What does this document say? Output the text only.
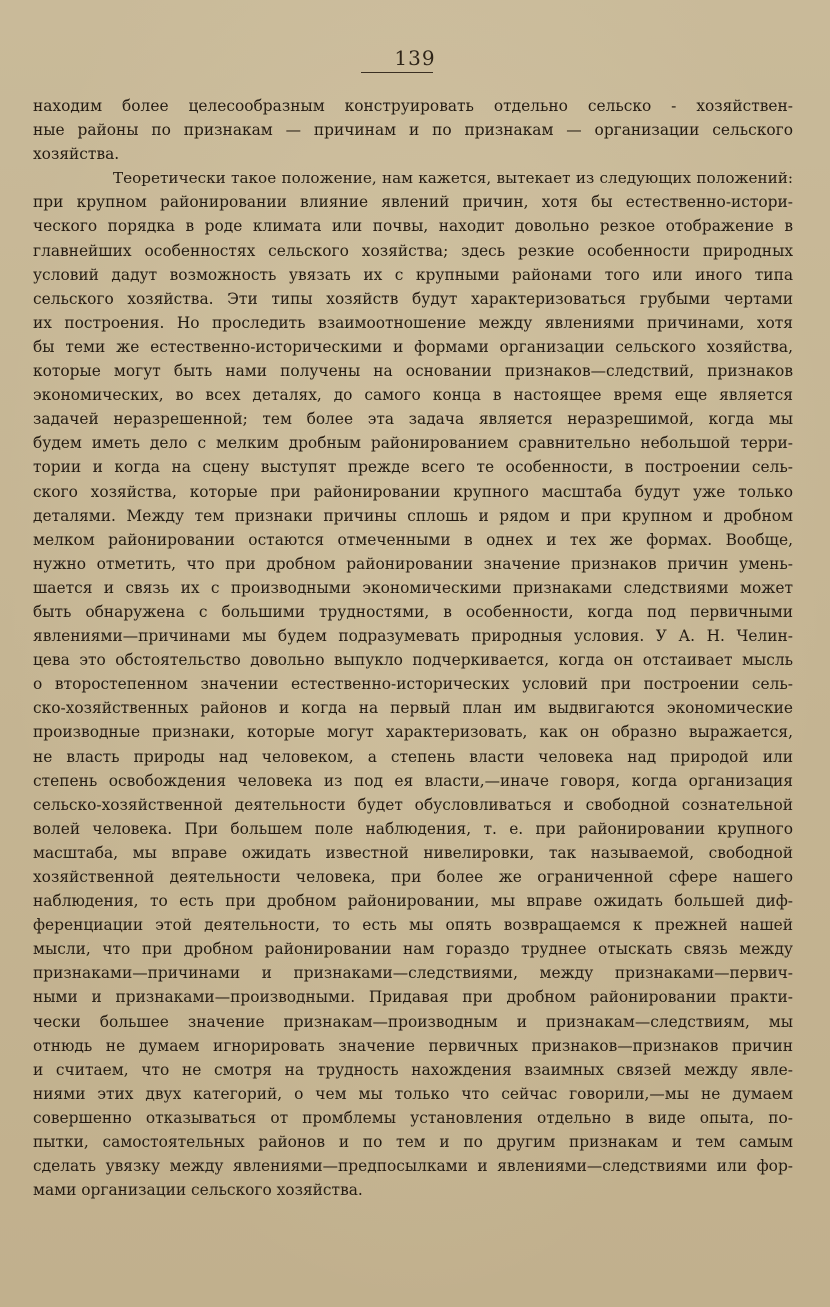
139
находим более целесообразным конструировать отдельно сельско - хозяйствен-
ные районы по признакам — причинам и по признакам — организации сельского
хозяйства.
Теоретически такое положение, нам кажется, вытекает из следующих положений:
при крупном районировании влияние явлений причин, хотя бы естественно-истори-
ческого порядка в роде климата или почвы, находит довольно резкое отображение в
главнейших особенностях сельского хозяйства; здесь резкие особенности природных
условий дадут возможность увязать их с крупными районами того или иного типа
сельского хозяйства. Эти типы хозяйств будут характеризоваться грубыми чертами
их построения. Но проследить взаимоотношение между явлениями причинами, хотя
бы теми же естественно-историческими и формами организации сельского хозяйства,
которые могут быть нами получены на основании признаков—следствий, признаков
экономических, во всех деталях, до самого конца в настоящее время еще является
задачей неразрешенной; тем более эта задача является неразрешимой, когда мы
будем иметь дело с мелким дробным районированием сравнительно небольшой терри-
тории и когда на сцену выступят прежде всего те особенности, в построении сель-
ского хозяйства, которые при районировании крупного масштаба будут уже только
деталями. Между тем признаки причины сплошь и рядом и при крупном и дробном
мелком районировании остаются отмеченными в однех и тех же формах. Вообще,
нужно отметить, что при дробном районировании значение признаков причин умень-
шается и связь их с производными экономическими признаками следствиями может
быть обнаружена с большими трудностями, в особенности, когда под первичными
явлениями—причинами мы будем подразумевать природныя условия. У А. Н. Челин-
цева это обстоятельство довольно выпукло подчеркивается, когда он отстаивает мысль
о второстепенном значении естественно-исторических условий при построении сель-
ско-хозяйственных районов и когда на первый план им выдвигаются экономические
производные признаки, которые могут характеризовать, как он образно выражается,
не власть природы над человеком, а степень власти человека над природой или
степень освобождения человека из под ея власти,—иначе говоря, когда организация
сельско-хозяйственной деятельности будет обусловливаться и свободной сознательной
волей человека. При большем поле наблюдения, т. е. при районировании крупного
масштаба, мы вправе ожидать известной нивелировки, так называемой, свободной
хозяйственной деятельности человека, при более же ограниченной сфере нашего
наблюдения, то есть при дробном районировании, мы вправе ожидать большей диф-
ференциации этой деятельности, то есть мы опять возвращаемся к прежней нашей
мысли, что при дробном районировании нам гораздо труднее отыскать связь между
признаками—причинами и признаками—следствиями, между признаками—первич-
ными и признаками—производными. Придавая при дробном районировании практи-
чески большее значение признакам—производным и признакам—следствиям, мы
отнюдь не думаем игнорировать значение первичных признаков—признаков причин
и считаем, что не смотря на трудность нахождения взаимных связей между явле-
ниями этих двух категорий, о чем мы только что сейчас говорили,—мы не думаем
совершенно отказываться от промблемы установления отдельно в виде опыта, по-
пытки, самостоятельных районов и по тем и по другим признакам и тем самым
сделать увязку между явлениями—предпосылками и явлениями—следствиями или фор-
мами организации сельского хозяйства.
